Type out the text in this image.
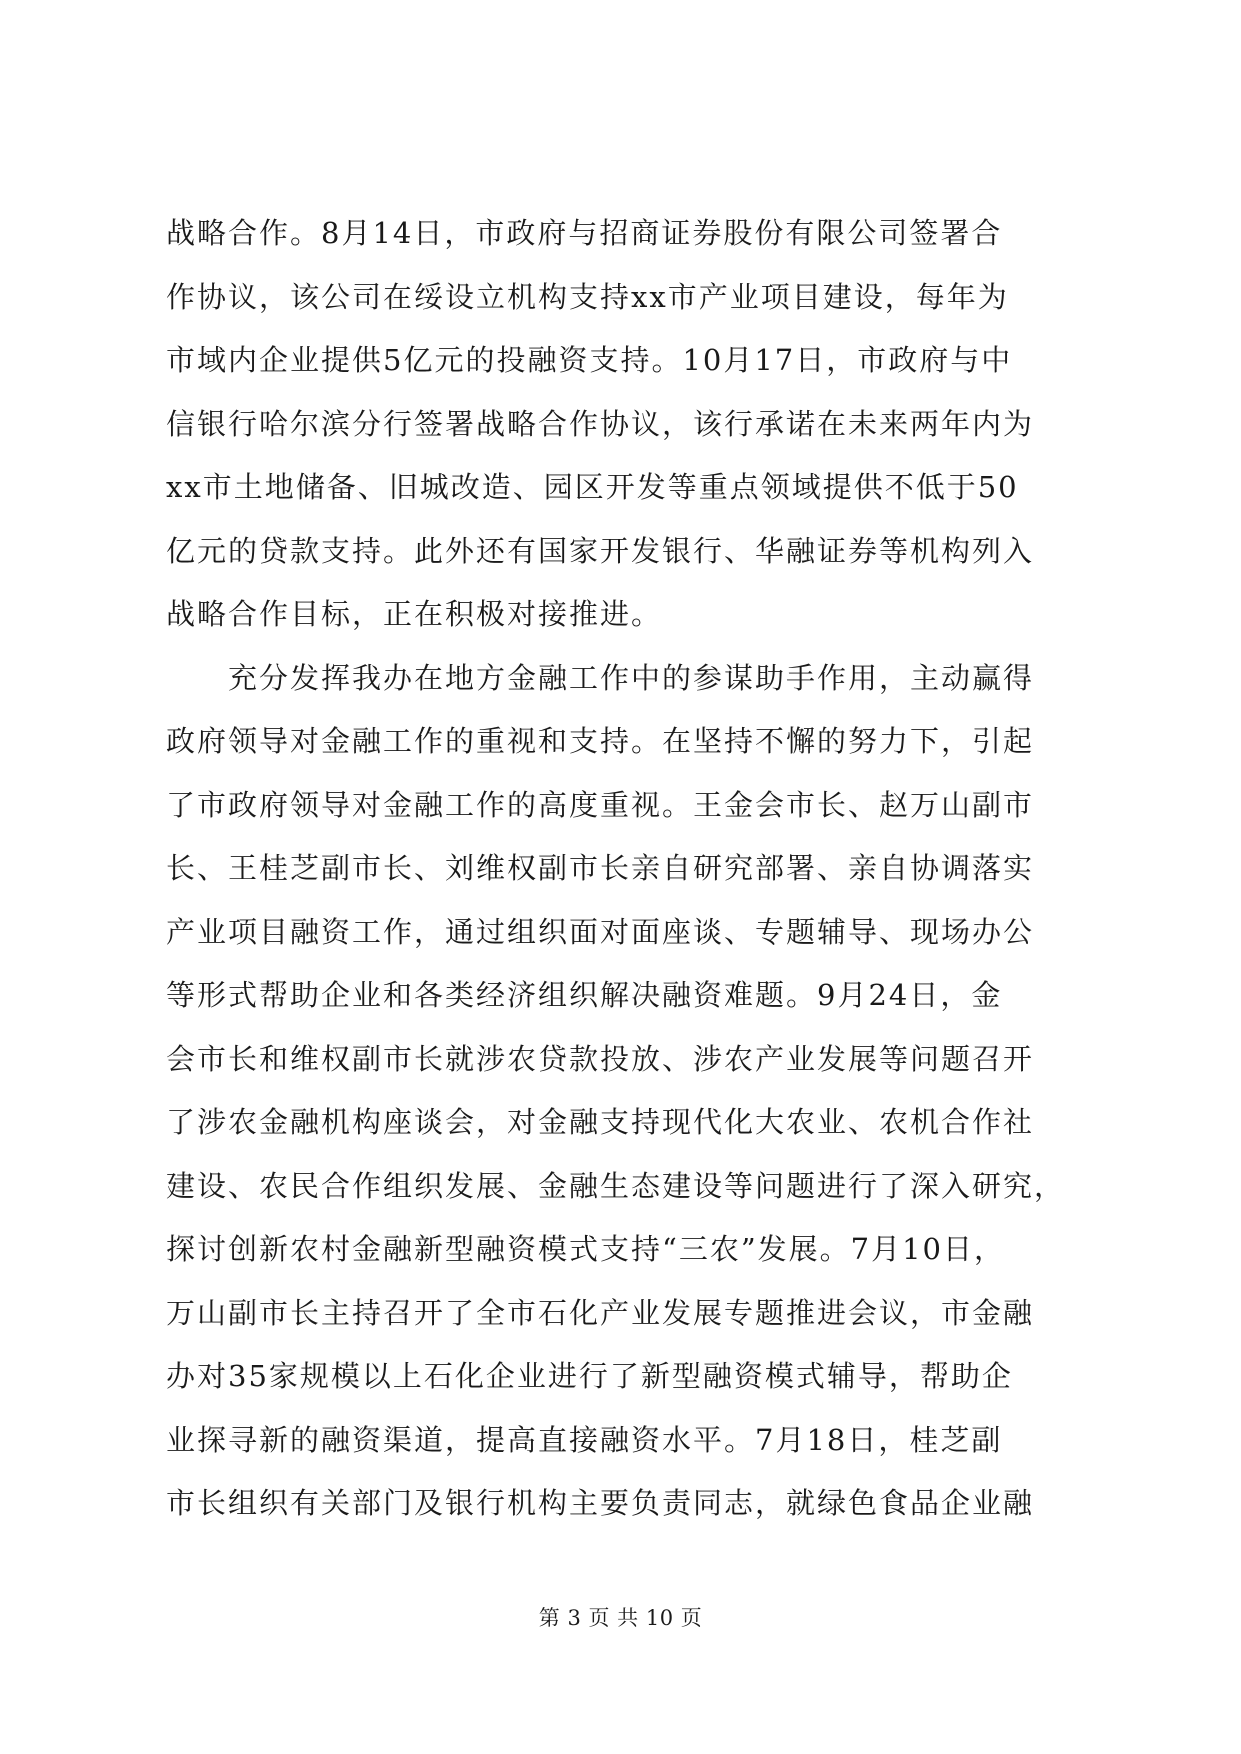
战略合作。8月14日，市政府与招商证券股份有限公司签署合
作协议，该公司在绥设立机构支持xx市产业项目建设，每年为
市域内企业提供5亿元的投融资支持。10月17日，市政府与中
信银行哈尔滨分行签署战略合作协议，该行承诺在未来两年内为
xx市土地储备、旧城改造、园区开发等重点领域提供不低于50
亿元的贷款支持。此外还有国家开发银行、华融证券等机构列入
战略合作目标，正在积极对接推进。
充分发挥我办在地方金融工作中的参谋助手作用，主动赢得
政府领导对金融工作的重视和支持。在坚持不懈的努力下，引起
了市政府领导对金融工作的高度重视。王金会市长、赵万山副市
长、王桂芝副市长、刘维权副市长亲自研究部署、亲自协调落实
产业项目融资工作，通过组织面对面座谈、专题辅导、现场办公
等形式帮助企业和各类经济组织解决融资难题。9月24日，金
会市长和维权副市长就涉农贷款投放、涉农产业发展等问题召开
了涉农金融机构座谈会，对金融支持现代化大农业、农机合作社
建设、农民合作组织发展、金融生态建设等问题进行了深入研究，
探讨创新农村金融新型融资模式支持“三农”发展。7月10日，
万山副市长主持召开了全市石化产业发展专题推进会议，市金融
办对35家规模以上石化企业进行了新型融资模式辅导，帮助企
业探寻新的融资渠道，提高直接融资水平。7月18日，桂芝副
市长组织有关部门及银行机构主要负责同志，就绿色食品企业融
第 3 页 共 10 页
